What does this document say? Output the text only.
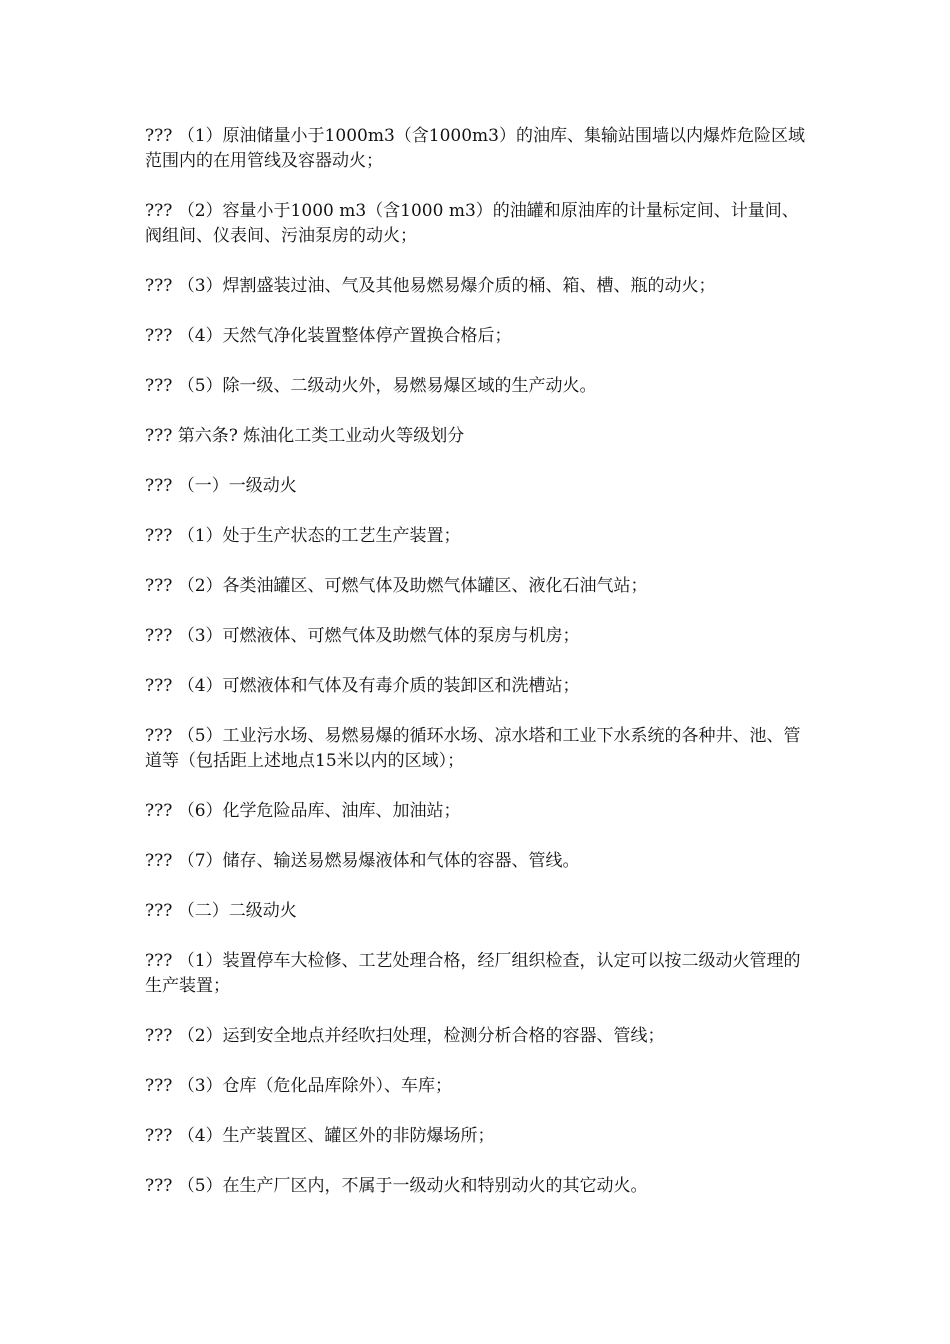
??? （1）原油储量小于1000m3（含1000m3）的油库、集输站围墙以内爆炸危险区域范围内的在用管线及容器动火；

??? （2）容量小于1000 m3（含1000 m3）的油罐和原油库的计量标定间、计量间、阀组间、仪表间、污油泵房的动火；

??? （3）焊割盛装过油、气及其他易燃易爆介质的桶、箱、槽、瓶的动火；

??? （4）天然气净化装置整体停产置换合格后；

??? （5）除一级、二级动火外，易燃易爆区域的生产动火。

??? 第六条? 炼油化工类工业动火等级划分

??? （一）一级动火

??? （1）处于生产状态的工艺生产装置；

??? （2）各类油罐区、可燃气体及助燃气体罐区、液化石油气站；

??? （3）可燃液体、可燃气体及助燃气体的泵房与机房；

??? （4）可燃液体和气体及有毒介质的装卸区和洗槽站；

??? （5）工业污水场、易燃易爆的循环水场、凉水塔和工业下水系统的各种井、池、管道等（包括距上述地点15米以内的区域）；

??? （6）化学危险品库、油库、加油站；

??? （7）储存、输送易燃易爆液体和气体的容器、管线。

??? （二）二级动火

??? （1）装置停车大检修、工艺处理合格，经厂组织检查，认定可以按二级动火管理的生产装置；

??? （2）运到安全地点并经吹扫处理，检测分析合格的容器、管线；

??? （3）仓库（危化品库除外）、车库；

??? （4）生产装置区、罐区外的非防爆场所；

??? （5）在生产厂区内，不属于一级动火和特别动火的其它动火。
